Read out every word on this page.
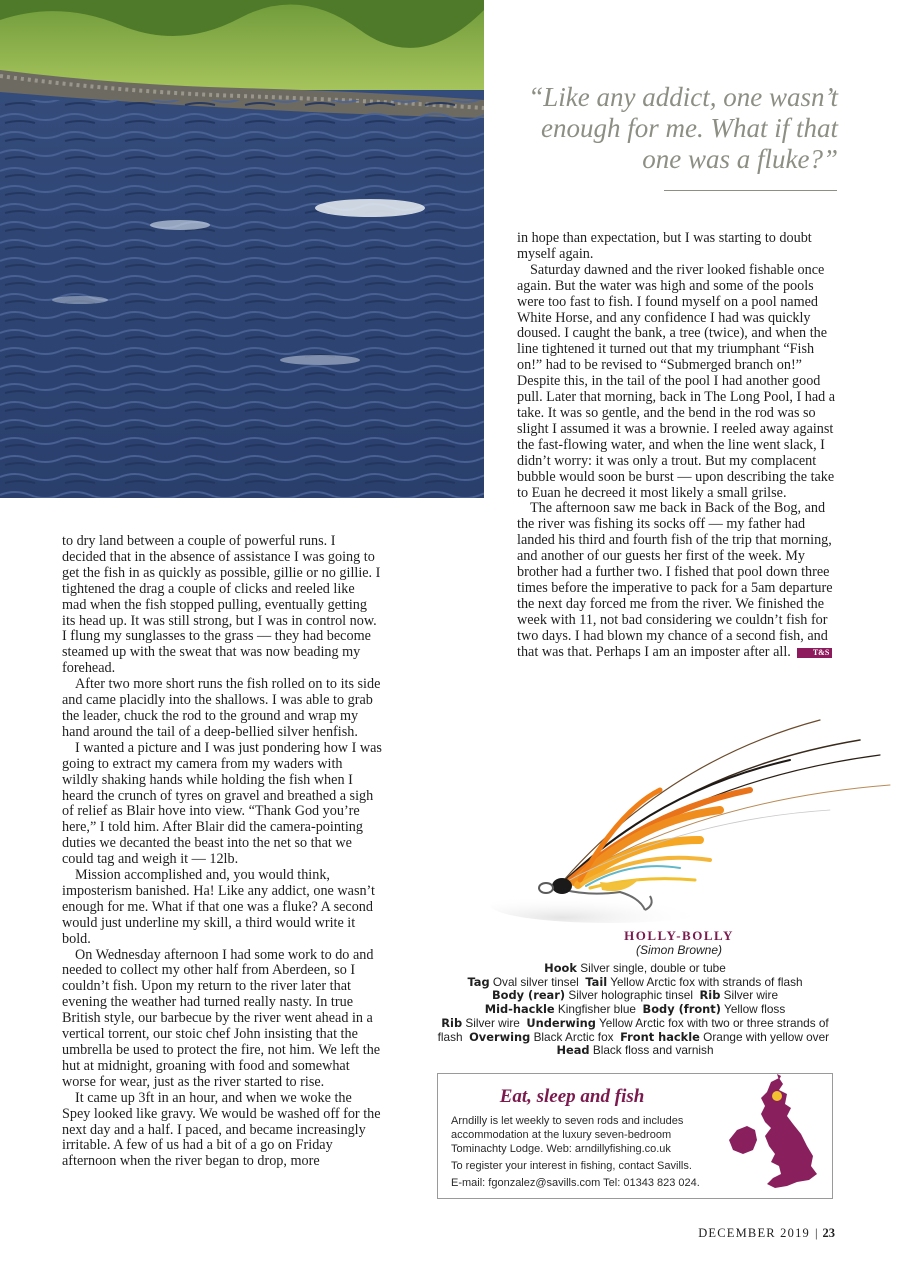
“Like any addict, one wasn’t enough for me. What if that one was a fluke?”

to dry land between a couple of powerful runs. I decided that in the absence of assistance I was going to get the fish in as quickly as possible, gillie or no gillie. I tightened the drag a couple of clicks and reeled like mad when the fish stopped pulling, eventually getting its head up. It was still strong, but I was in control now. I flung my sunglasses to the grass — they had become steamed up with the sweat that was now beading my forehead.

After two more short runs the fish rolled on to its side and came placidly into the shallows. I was able to grab the leader, chuck the rod to the ground and wrap my hand around the tail of a deep-bellied silver henfish.

I wanted a picture and I was just pondering how I was going to extract my camera from my waders with wildly shaking hands while holding the fish when I heard the crunch of tyres on gravel and breathed a sigh of relief as Blair hove into view. “Thank God you’re here,” I told him. After Blair did the camera-pointing duties we decanted the beast into the net so that we could tag and weigh it — 12lb.

Mission accomplished and, you would think, imposterism banished. Ha! Like any addict, one wasn’t enough for me. What if that one was a fluke? A second would just underline my skill, a third would write it bold.

On Wednesday afternoon I had some work to do and needed to collect my other half from Aberdeen, so I couldn’t fish. Upon my return to the river later that evening the weather had turned really nasty. In true British style, our barbecue by the river went ahead in a vertical torrent, our stoic chef John insisting that the umbrella be used to protect the fire, not him. We left the hut at midnight, groaning with food and somewhat worse for wear, just as the river started to rise.

It came up 3ft in an hour, and when we woke the Spey looked like gravy. We would be washed off for the next day and a half. I paced, and became increasingly irritable. A few of us had a bit of a go on Friday afternoon when the river began to drop, more

in hope than expectation, but I was starting to doubt myself again.

Saturday dawned and the river looked fishable once again. But the water was high and some of the pools were too fast to fish. I found myself on a pool named White Horse, and any confidence I had was quickly doused. I caught the bank, a tree (twice), and when the line tightened it turned out that my triumphant “Fish on!” had to be revised to “Submerged branch on!” Despite this, in the tail of the pool I had another good pull. Later that morning, back in The Long Pool, I had a take. It was so gentle, and the bend in the rod was so slight I assumed it was a brownie. I reeled away against the fast-flowing water, and when the line went slack, I didn’t worry: it was only a trout. But my complacent bubble would soon be burst — upon describing the take to Euan he decreed it most likely a small grilse.

The afternoon saw me back in Back of the Bog, and the river was fishing its socks off — my father had landed his third and fourth fish of the trip that morning, and another of our guests her first of the week. My brother had a further two. I fished that pool down three times before the imperative to pack for a 5am departure the next day forced me from the river. We finished the week with 11, not bad considering we couldn’t fish for two days. I had blown my chance of a second fish, and that was that. Perhaps I am an imposter after all.	T&S

HOLLY-BOLLY
(Simon Browne)
Hook Silver single, double or tube
Tag Oval silver tinsel Tail Yellow Arctic fox with strands of flash
Body (rear) Silver holographic tinsel Rib Silver wire
Mid-hackle Kingfisher blue Body (front) Yellow floss
Rib Silver wire Underwing Yellow Arctic fox with two or three strands of flash Overwing Black Arctic fox Front hackle Orange with yellow over  Head Black floss and varnish
Eat, sleep and fish

Arndilly is let weekly to seven rods and includes accommodation at the luxury seven-bedroom Tominachty Lodge. Web: arndillyfishing.co.uk

To register your interest in fishing, contact Savills.

E-mail: fgonzalez@savills.com Tel: 01343 823 024.

DECEMBER 2019 | 23
